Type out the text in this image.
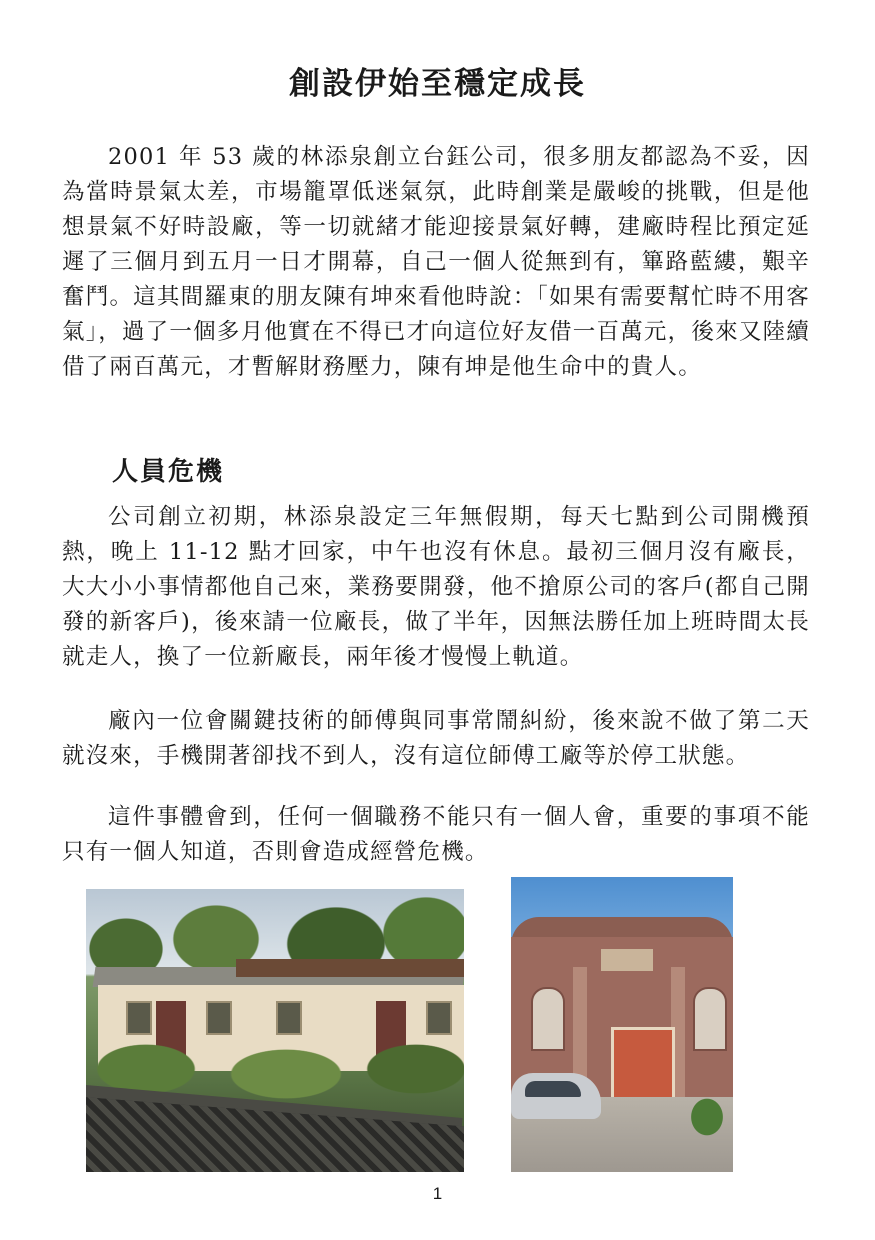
創設伊始至穩定成長

2001 年 53 歲的林添泉創立台鈺公司，很多朋友都認為不妥，因為當時景氣太差，市場籠罩低迷氣氛，此時創業是嚴峻的挑戰，但是他想景氣不好時設廠，等一切就緒才能迎接景氣好轉，建廠時程比預定延遲了三個月到五月一日才開幕，自己一個人從無到有，篳路藍縷，艱辛奮鬥。這其間羅東的朋友陳有坤來看他時說：「如果有需要幫忙時不用客氣」，過了一個多月他實在不得已才向這位好友借一百萬元，後來又陸續借了兩百萬元，才暫解財務壓力，陳有坤是他生命中的貴人。

人員危機

公司創立初期，林添泉設定三年無假期，每天七點到公司開機預熱，晚上 11-12 點才回家，中午也沒有休息。最初三個月沒有廠長，大大小小事情都他自己來，業務要開發，他不搶原公司的客戶(都自己開發的新客戶)，後來請一位廠長，做了半年，因無法勝任加上班時間太長就走人，換了一位新廠長，兩年後才慢慢上軌道。

廠內一位會關鍵技術的師傅與同事常鬧糾紛，後來說不做了第二天就沒來，手機開著卻找不到人，沒有這位師傅工廠等於停工狀態。

這件事體會到，任何一個職務不能只有一個人會，重要的事項不能只有一個人知道，否則會造成經營危機。

1
